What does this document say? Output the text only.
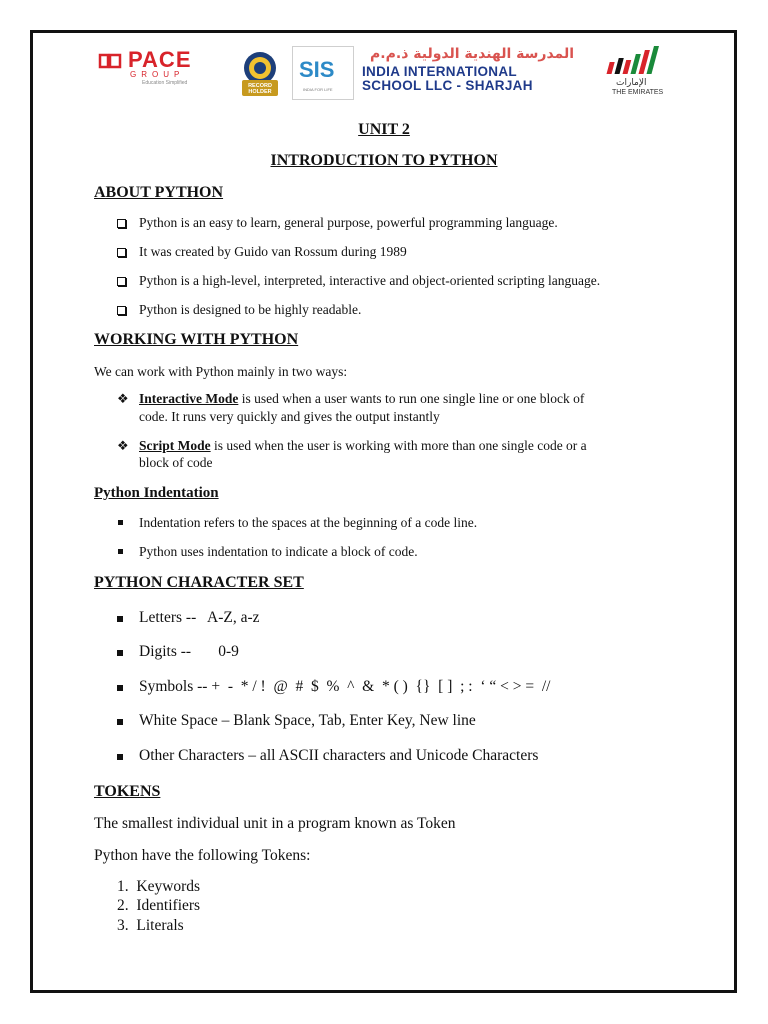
PACE
GROUP
Education Simplified	RECORD HOLDER
SIS
INDIA FOR LIFE
المدرسة الهندية الدولية ذ.م.م
INDIA INTERNATIONAL
SCHOOL LLC - SHARJAH	الإمارات
THE EMIRATES
UNIT 2
INTRODUCTION TO PYTHON
ABOUT PYTHON
Python is an easy to learn, general purpose, powerful programming language.
It was created by Guido van Rossum during 1989
Python is a high-level, interpreted, interactive and object-oriented scripting language.
Python is designed to be highly readable.
WORKING WITH PYTHON
We can work with Python mainly in two ways:
❖ Interactive Mode is used when a user wants to run one single line or one block of
code. It runs very quickly and gives the output instantly
❖ Script Mode is used when the user is working with more than one single code or a
block of code
Python Indentation
Indentation refers to the spaces at the beginning of a code line.
Python uses indentation to indicate a block of code.
PYTHON CHARACTER SET
Letters --   A-Z, a-z
Digits --       0-9
Symbols -- +  -  * / !  @  #  $  %  ^  &  * ( )  {}  [ ]  ; :  ‘ “ < > =  //
White Space – Blank Space, Tab, Enter Key, New line
Other Characters – all ASCII characters and Unicode Characters
TOKENS
The smallest individual unit in a program known as Token
Python have the following Tokens:
1.  Keywords
2.  Identifiers
3.  Literals
